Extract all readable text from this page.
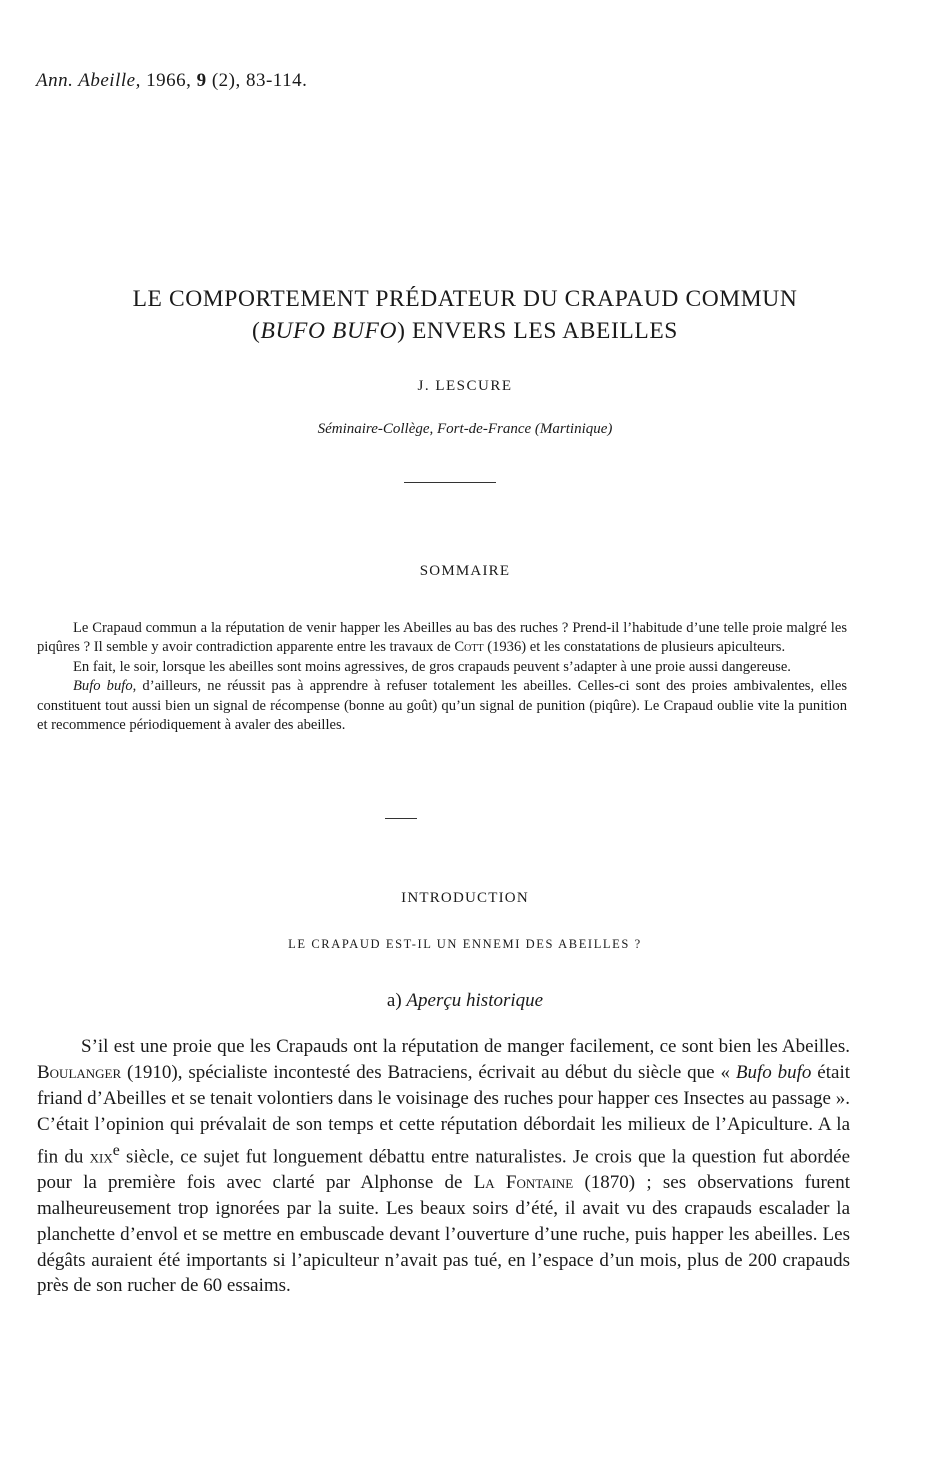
Ann. Abeille, 1966, 9 (2), 83-114.
LE COMPORTEMENT PRÉDATEUR DU CRAPAUD COMMUN
(BUFO BUFO) ENVERS LES ABEILLES
J. LESCURE
Séminaire-Collège, Fort-de-France (Martinique)
SOMMAIRE

Le Crapaud commun a la réputation de venir happer les Abeilles au bas des ruches ? Prend-il l’habitude d’une telle proie malgré les piqûres ? Il semble y avoir contradiction apparente entre les travaux de Cott (1936) et les constatations de plusieurs apiculteurs.

En fait, le soir, lorsque les abeilles sont moins agressives, de gros crapauds peuvent s’adapter à une proie aussi dangereuse.

Bufo bufo, d’ailleurs, ne réussit pas à apprendre à refuser totalement les abeilles. Celles-ci sont des proies ambivalentes, elles constituent tout aussi bien un signal de récompense (bonne au goût) qu’un signal de punition (piqûre). Le Crapaud oublie vite la punition et recommence périodiquement à avaler des abeilles.

INTRODUCTION
LE CRAPAUD EST-IL UN ENNEMI DES ABEILLES ?
a) Aperçu historique

S’il est une proie que les Crapauds ont la réputation de manger facilement, ce sont bien les Abeilles. Boulanger (1910), spécialiste incontesté des Batraciens, écrivait au début du siècle que « Bufo bufo était friand d’Abeilles et se tenait volontiers dans le voisinage des ruches pour happer ces Insectes au passage ». C’était l’opinion qui prévalait de son temps et cette réputation débordait les milieux de l’Apiculture. A la fin du xix$^e$ siècle, ce sujet fut longuement débattu entre naturalistes. Je crois que la question fut abordée pour la première fois avec clarté par Alphonse de La Fontaine (1870) ; ses observations furent malheureusement trop ignorées par la suite. Les beaux soirs d’été, il avait vu des crapauds escalader la planchette d’envol et se mettre en embuscade devant l’ouverture d’une ruche, puis happer les abeilles. Les dégâts auraient été importants si l’apiculteur n’avait pas tué, en l’espace d’un mois, plus de 200 crapauds près de son rucher de 60 essaims.
